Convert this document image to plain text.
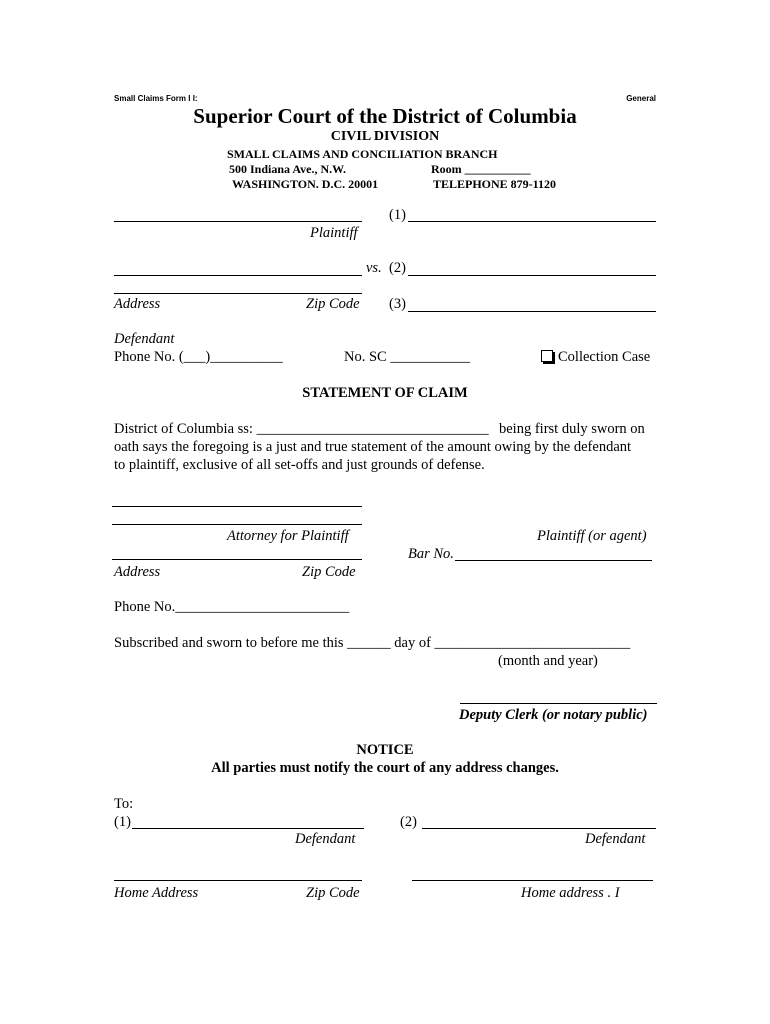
Small Claims Form I I:	General
Superior Court of the District of Columbia
CIVIL DIVISION
SMALL CLAIMS AND CONCILIATION BRANCH
500 Indiana Ave., N.W.	Room ___________
WASHINGTON. D.C. 20001	TELEPHONE 879-1120
(1)
Plaintiff
vs. (2)
Address	Zip Code (3)
Defendant
Phone No. (___)__________	No. SC ___________	Collection Case
STATEMENT OF CLAIM
District of Columbia ss: ________________________________ being first duly sworn on
oath says the foregoing is a just and true statement of the amount owing by the defendant
to plaintiff, exclusive of all set-offs and just grounds of defense.
Attorney for Plaintiff	Plaintiff (or agent)
Bar No.
Address	Zip Code
Phone No.________________________
Subscribed and sworn to before me this ______ day of ___________________________
(month and year)
Deputy Clerk (or notary public)
NOTICE
All parties must notify the court of any address changes.
To:
(1)	(2)
Defendant	Defendant
Home Address	Zip Code	Home address . I
